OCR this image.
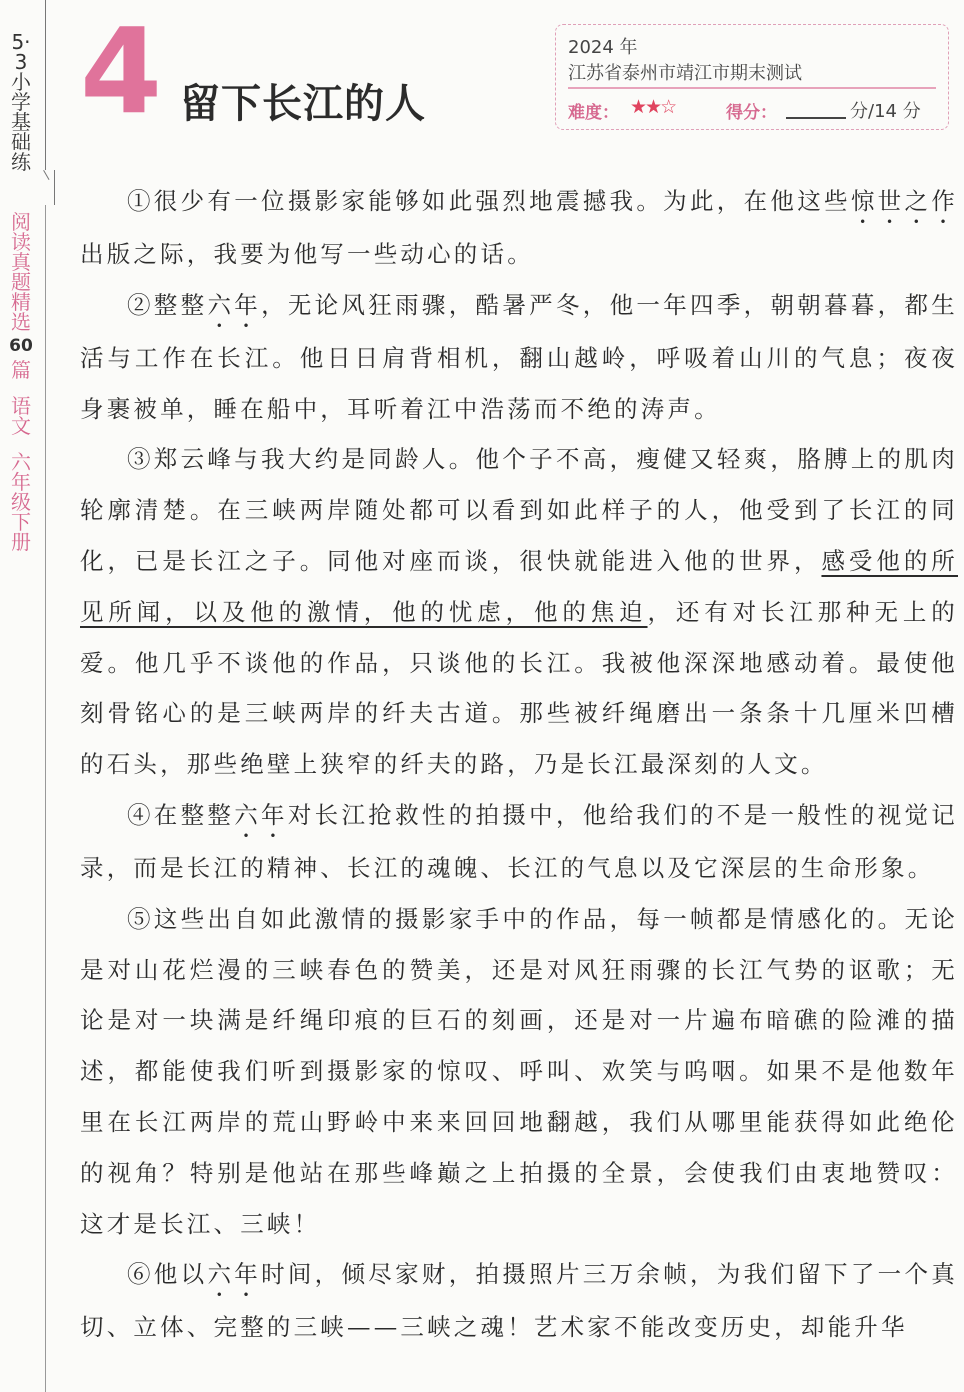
5·3小学基础练
阅读真题精选
60
篇
语文
六年级下册
4 留下长江的人
2024 年
江苏省泰州市靖江市期末测试
难度： ★★☆	得分：	分/14 分

①很少有一位摄影家能够如此强烈地震撼我。为此，在他这些惊世之作出版之际，我要为他写一些动心的话。

②整整六年，无论风狂雨骤，酷暑严冬，他一年四季，朝朝暮暮，都生活与工作在长江。他日日肩背相机，翻山越岭，呼吸着山川的气息；夜夜身裹被单，睡在船中，耳听着江中浩荡而不绝的涛声。

③郑云峰与我大约是同龄人。他个子不高，瘦健又轻爽，胳膊上的肌肉轮廓清楚。在三峡两岸随处都可以看到如此样子的人，他受到了长江的同化，已是长江之子。同他对座而谈，很快就能进入他的世界，感受他的所见所闻，以及他的激情，他的忧虑，他的焦迫，还有对长江那种无上的爱。他几乎不谈他的作品，只谈他的长江。我被他深深地感动着。最使他刻骨铭心的是三峡两岸的纤夫古道。那些被纤绳磨出一条条十几厘米凹槽的石头，那些绝壁上狭窄的纤夫的路，乃是长江最深刻的人文。

④在整整六年对长江抢救性的拍摄中，他给我们的不是一般性的视觉记录，而是长江的精神、长江的魂魄、长江的气息以及它深层的生命形象。

⑤这些出自如此激情的摄影家手中的作品，每一帧都是情感化的。无论是对山花烂漫的三峡春色的赞美，还是对风狂雨骤的长江气势的讴歌；无论是对一块满是纤绳印痕的巨石的刻画，还是对一片遍布暗礁的险滩的描述，都能使我们听到摄影家的惊叹、呼叫、欢笑与呜咽。如果不是他数年里在长江两岸的荒山野岭中来来回回地翻越，我们从哪里能获得如此绝伦的视角？特别是他站在那些峰巅之上拍摄的全景，会使我们由衷地赞叹：这才是长江、三峡！

⑥他以六年时间，倾尽家财，拍摄照片三万余帧，为我们留下了一个真切、立体、完整的三峡——三峡之魂！艺术家不能改变历史，却能升华
